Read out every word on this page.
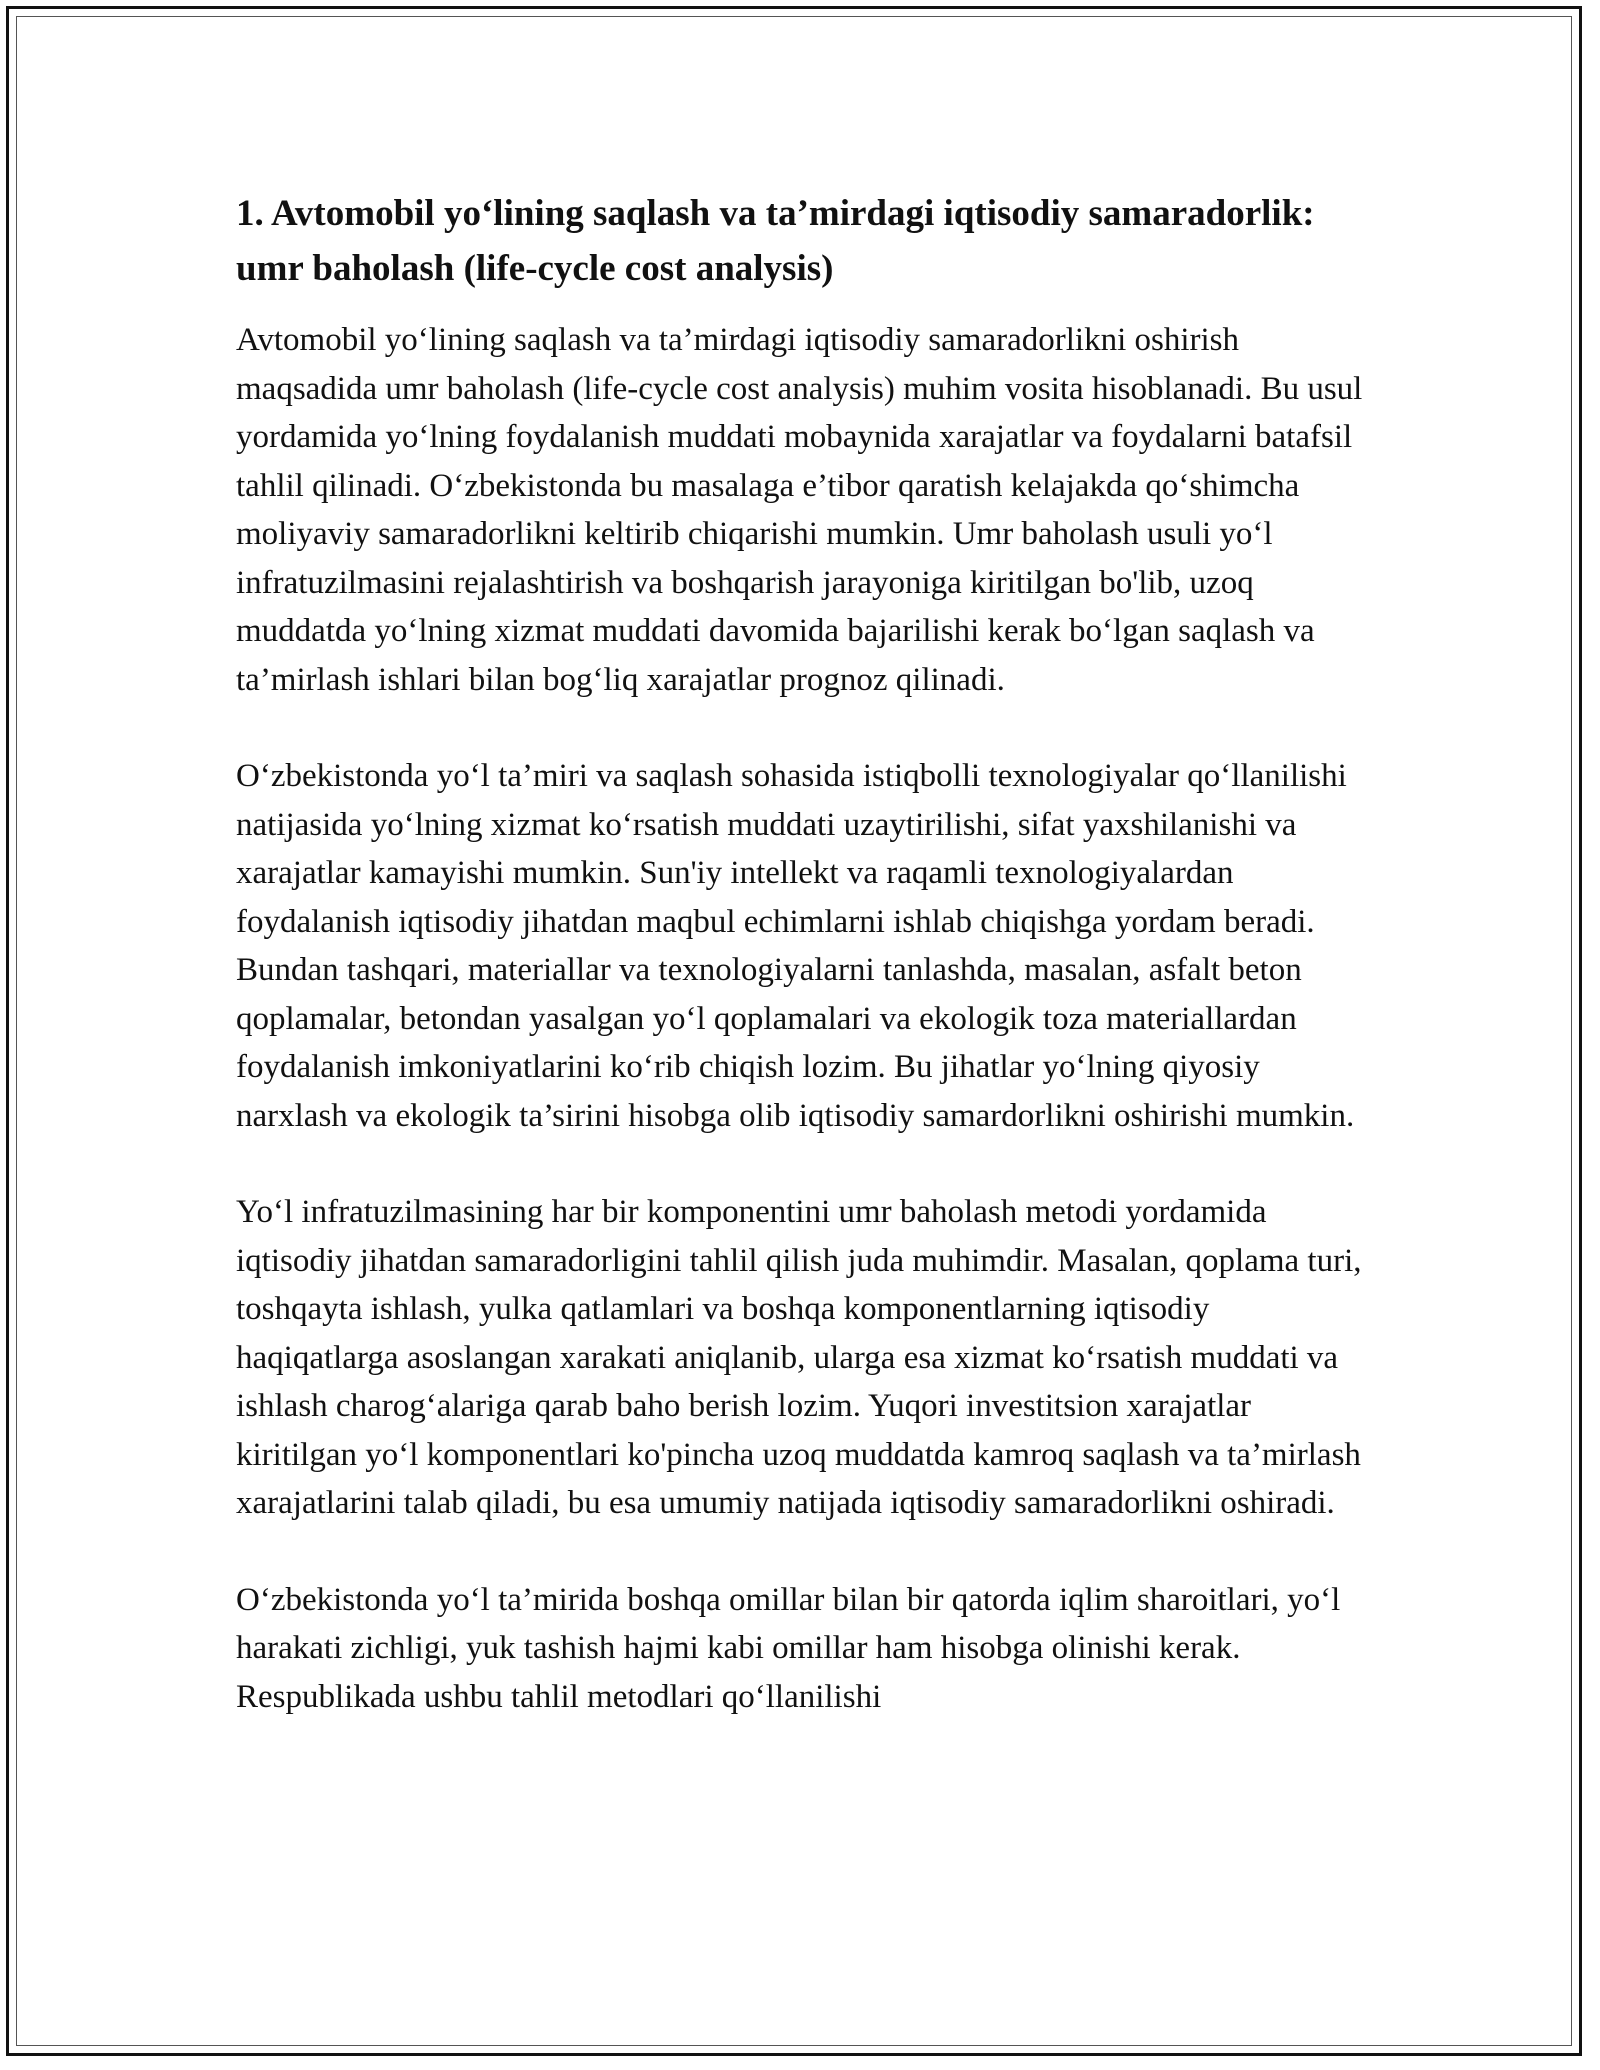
1. Avtomobil yo‘lining saqlash va ta’mirdagi iqtisodiy samaradorlik: umr baholash (life-cycle cost analysis)

Avtomobil yo‘lining saqlash va ta’mirdagi iqtisodiy samaradorlikni oshirish maqsadida umr baholash (life-cycle cost analysis) muhim vosita hisoblanadi. Bu usul yordamida yo‘lning foydalanish muddati mobaynida xarajatlar va foydalarni batafsil tahlil qilinadi. O‘zbekistonda bu masalaga e’tibor qaratish kelajakda qo‘shimcha moliyaviy samaradorlikni keltirib chiqarishi mumkin. Umr baholash usuli yo‘l infratuzilmasini rejalashtirish va boshqarish jarayoniga kiritilgan bo'lib, uzoq muddatda yo‘lning xizmat muddati davomida bajarilishi kerak bo‘lgan saqlash va ta’mirlash ishlari bilan bog‘liq xarajatlar prognoz qilinadi.

O‘zbekistonda yo‘l ta’miri va saqlash sohasida istiqbolli texnologiyalar qo‘llanilishi natijasida yo‘lning xizmat ko‘rsatish muddati uzaytirilishi, sifat yaxshilanishi va xarajatlar kamayishi mumkin. Sun'iy intellekt va raqamli texnologiyalardan foydalanish iqtisodiy jihatdan maqbul echimlarni ishlab chiqishga yordam beradi. Bundan tashqari, materiallar va texnologiyalarni tanlashda, masalan, asfalt beton qoplamalar, betondan yasalgan yo‘l qoplamalari va ekologik toza materiallardan foydalanish imkoniyatlarini ko‘rib chiqish lozim. Bu jihatlar yo‘lning qiyosiy narxlash va ekologik ta’sirini hisobga olib iqtisodiy samardorlikni oshirishi mumkin.

Yo‘l infratuzilmasining har bir komponentini umr baholash metodi yordamida iqtisodiy jihatdan samaradorligini tahlil qilish juda muhimdir. Masalan, qoplama turi, toshqayta ishlash, yulka qatlamlari va boshqa komponentlarning iqtisodiy haqiqatlarga asoslangan xarakati aniqlanib, ularga esa xizmat ko‘rsatish muddati va ishlash charog‘alariga qarab baho berish lozim. Yuqori investitsion xarajatlar kiritilgan yo‘l komponentlari ko'pincha uzoq muddatda kamroq saqlash va ta’mirlash xarajatlarini talab qiladi, bu esa umumiy natijada iqtisodiy samaradorlikni oshiradi.

O‘zbekistonda yo‘l ta’mirida boshqa omillar bilan bir qatorda iqlim sharoitlari, yo‘l harakati zichligi, yuk tashish hajmi kabi omillar ham hisobga olinishi kerak. Respublikada ushbu tahlil metodlari qo‘llanilishi
